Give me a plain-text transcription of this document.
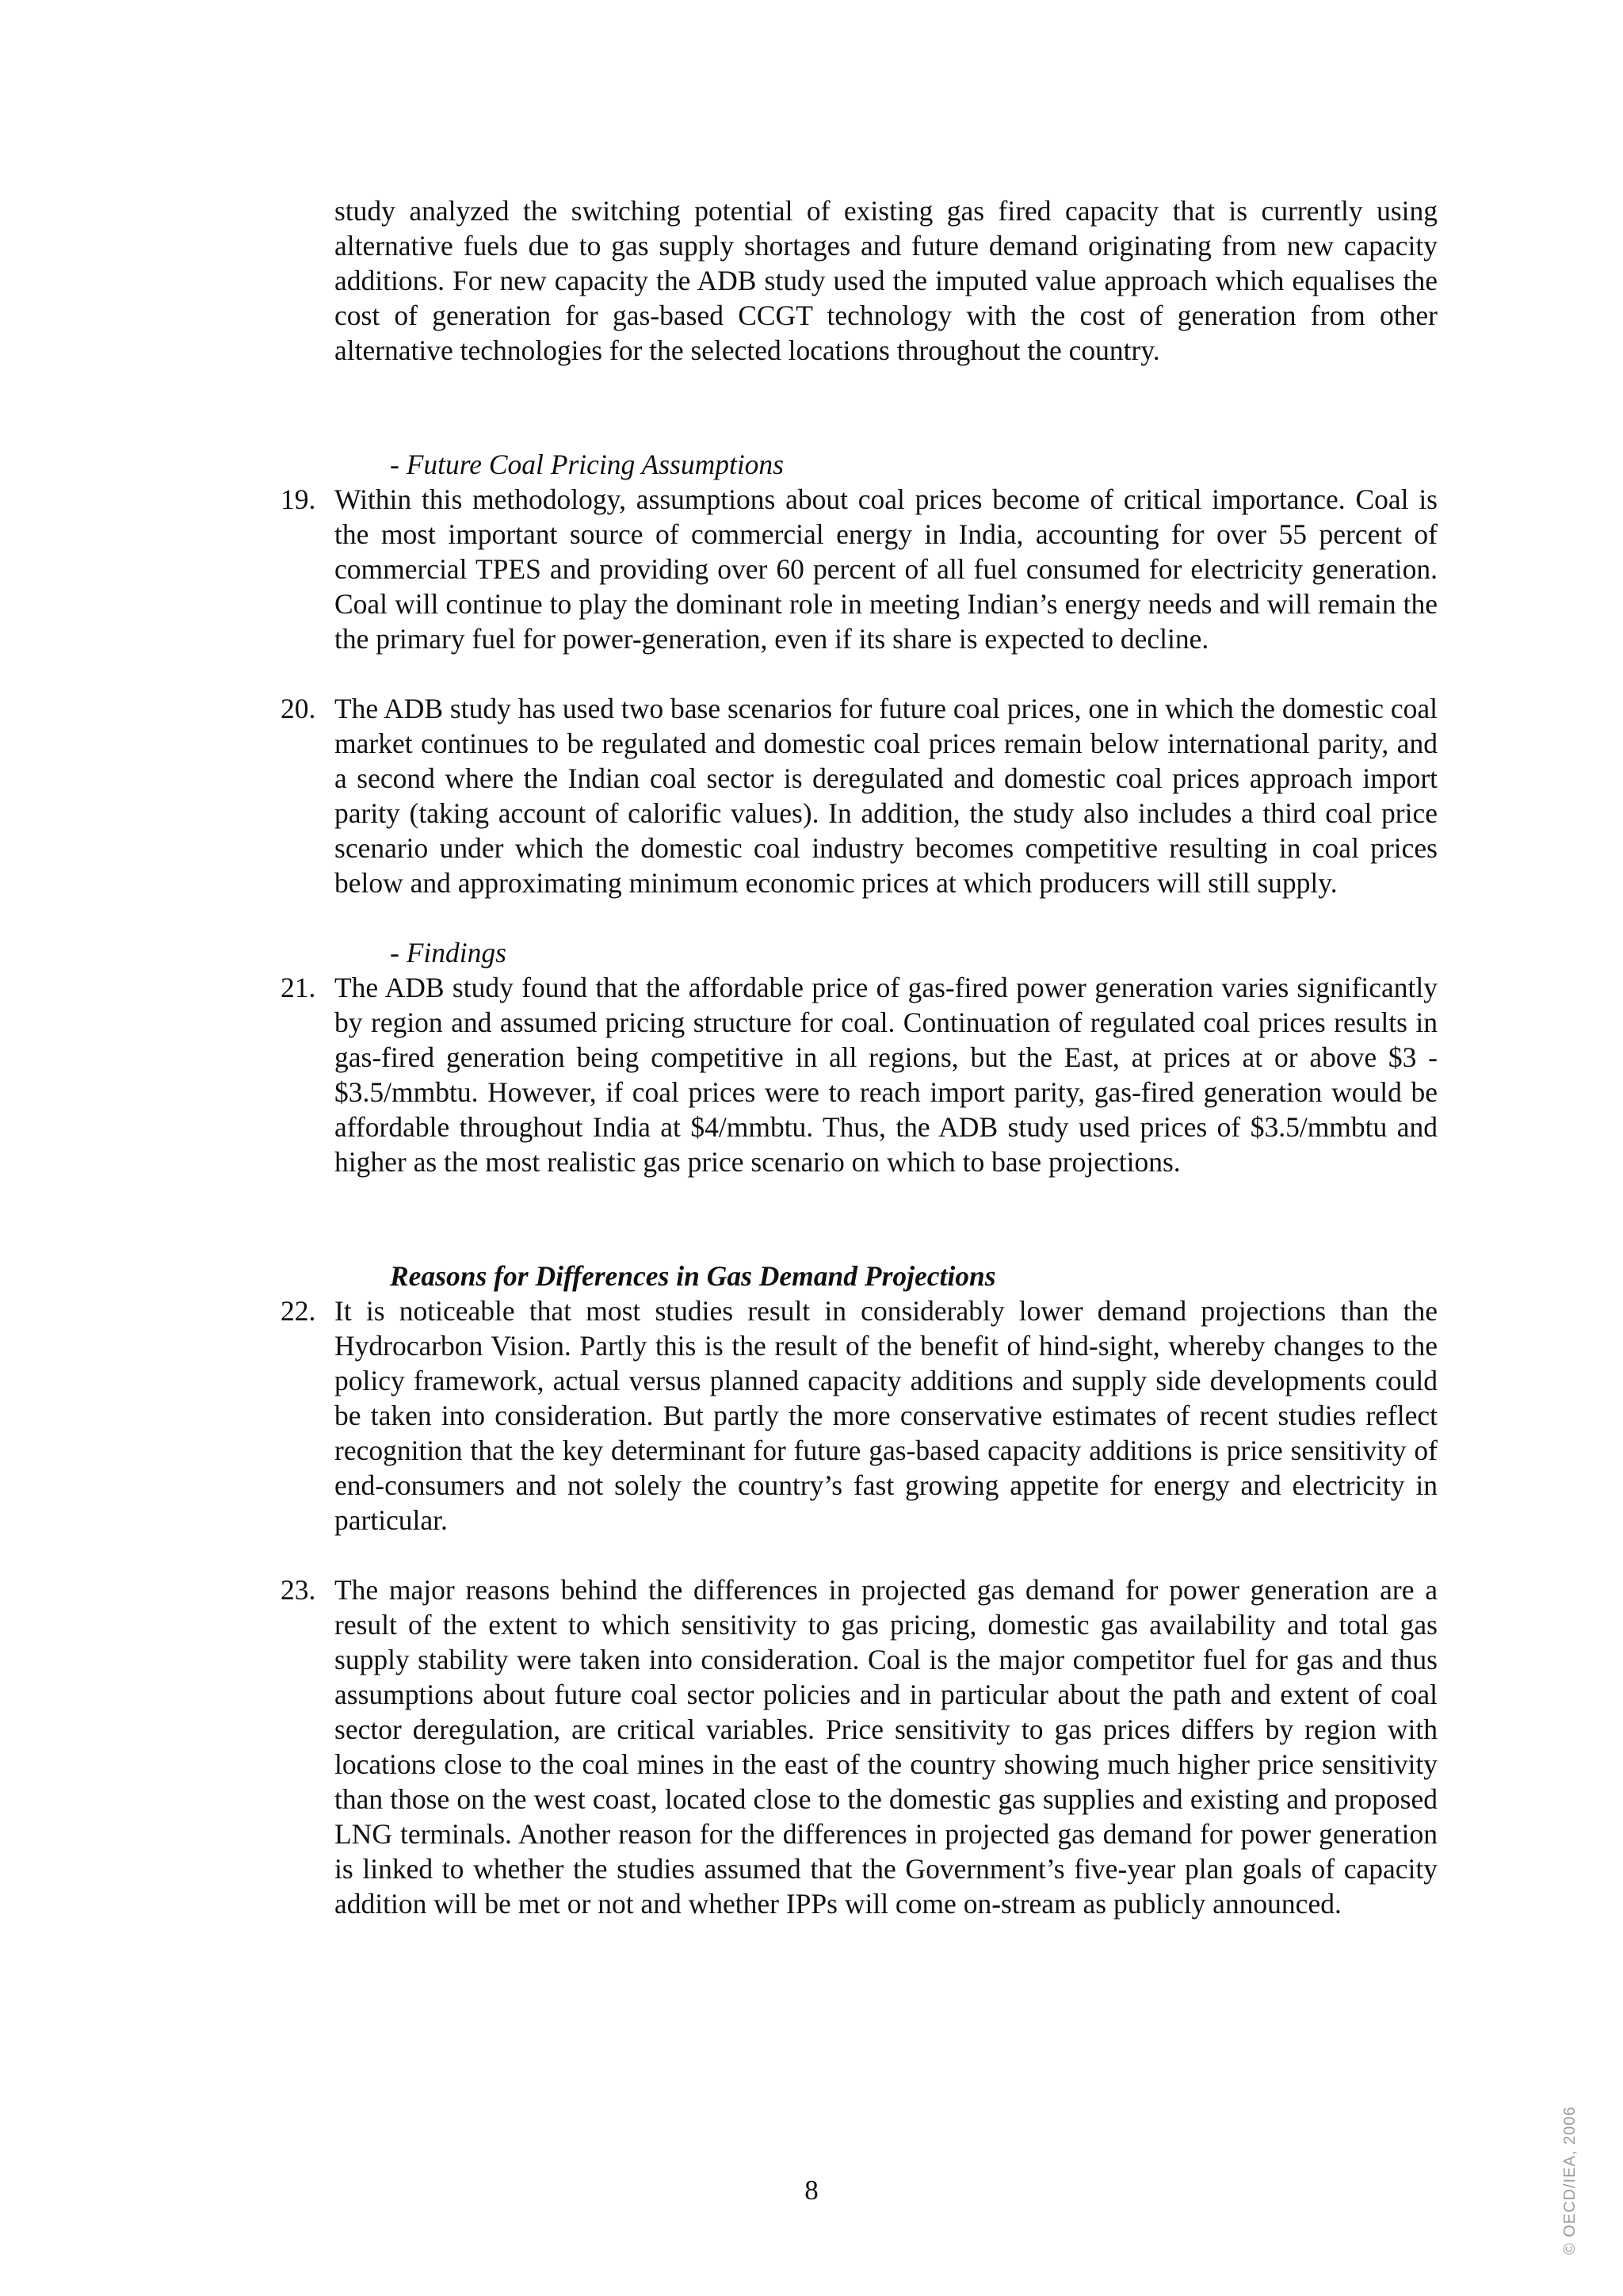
study analyzed the switching potential of existing gas fired capacity that is currently using alternative fuels due to gas supply shortages and future demand originating from new capacity additions. For new capacity the ADB study used the imputed value approach which equalises the cost of generation for gas-based CCGT technology with the cost of generation from other alternative technologies for the selected locations throughout the country.

- Future Coal Pricing Assumptions

19. Within this methodology, assumptions about coal prices become of critical importance. Coal is the most important source of commercial energy in India, accounting for over 55 percent of commercial TPES and providing over 60 percent of all fuel consumed for electricity generation. Coal will continue to play the dominant role in meeting Indian’s energy needs and will remain the the primary fuel for power-generation, even if its share is expected to decline.

20. The ADB study has used two base scenarios for future coal prices, one in which the domestic coal market continues to be regulated and domestic coal prices remain below international parity, and a second where the Indian coal sector is deregulated and domestic coal prices approach import parity (taking account of calorific values). In addition, the study also includes a third coal price scenario under which the domestic coal industry becomes competitive resulting in coal prices below and approximating minimum economic prices at which producers will still supply.

- Findings

21. The ADB study found that the affordable price of gas-fired power generation varies significantly by region and assumed pricing structure for coal. Continuation of regulated coal prices results in gas-fired generation being competitive in all regions, but the East, at prices at or above $3 - $3.5/mmbtu. However, if coal prices were to reach import parity, gas-fired generation would be affordable throughout India at $4/mmbtu. Thus, the ADB study used prices of $3.5/mmbtu and higher as the most realistic gas price scenario on which to base projections.

Reasons for Differences in Gas Demand Projections

22. It is noticeable that most studies result in considerably lower demand projections than the Hydrocarbon Vision. Partly this is the result of the benefit of hind-sight, whereby changes to the policy framework, actual versus planned capacity additions and supply side developments could be taken into consideration. But partly the more conservative estimates of recent studies reflect recognition that the key determinant for future gas-based capacity additions is price sensitivity of end-consumers and not solely the country’s fast growing appetite for energy and electricity in particular.

23. The major reasons behind the differences in projected gas demand for power generation are a result of the extent to which sensitivity to gas pricing, domestic gas availability and total gas supply stability were taken into consideration. Coal is the major competitor fuel for gas and thus assumptions about future coal sector policies and in particular about the path and extent of coal sector deregulation, are critical variables. Price sensitivity to gas prices differs by region with locations close to the coal mines in the east of the country showing much higher price sensitivity than those on the west coast, located close to the domestic gas supplies and existing and proposed LNG terminals. Another reason for the differences in projected gas demand for power generation is linked to whether the studies assumed that the Government’s five-year plan goals of capacity addition will be met or not and whether IPPs will come on-stream as publicly announced.

8	© OECD/IEA, 2006
